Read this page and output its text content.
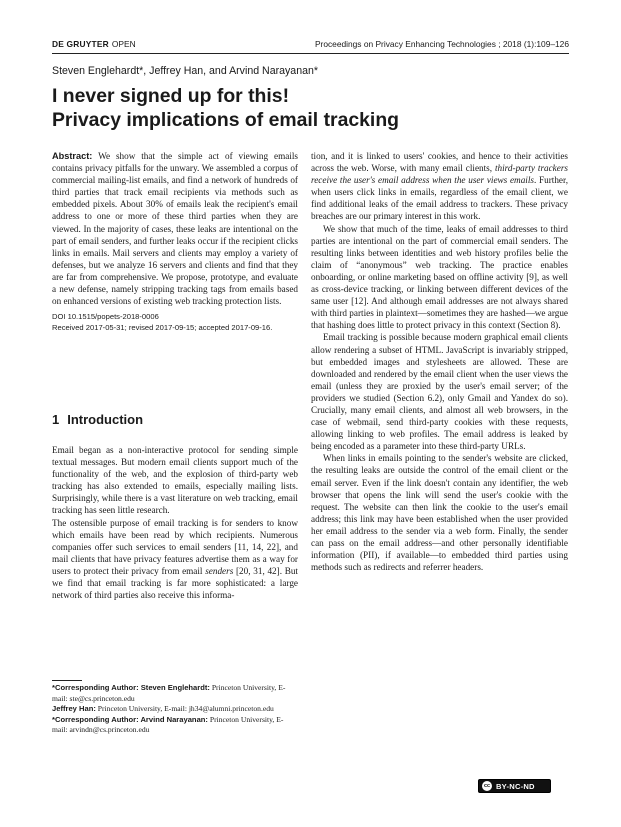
DE GRUYTER OPEN	Proceedings on Privacy Enhancing Technologies ; 2018 (1):109–126
Steven Englehardt*, Jeffrey Han, and Arvind Narayanan*
I never signed up for this!
Privacy implications of email tracking

Abstract: We show that the simple act of viewing emails contains privacy pitfalls for the unwary. We assembled a corpus of commercial mailing-list emails, and find a network of hundreds of third parties that track email recipients via methods such as embedded pixels. About 30% of emails leak the recipient's email address to one or more of these third parties when they are viewed. In the majority of cases, these leaks are intentional on the part of email senders, and further leaks occur if the recipient clicks links in emails. Mail servers and clients may employ a variety of defenses, but we analyze 16 servers and clients and find that they are far from comprehensive. We propose, prototype, and evaluate a new defense, namely stripping tracking tags from emails based on enhanced versions of existing web tracking protection lists.

DOI 10.1515/popets-2018-0006
Received 2017-05-31; revised 2017-09-15; accepted 2017-09-16.
1 Introduction

Email began as a non-interactive protocol for sending simple textual messages. But modern email clients support much of the functionality of the web, and the explosion of third-party web tracking has also extended to emails, especially mailing lists. Surprisingly, while there is a vast literature on web tracking, email tracking has seen little research.

The ostensible purpose of email tracking is for senders to know which emails have been read by which recipients. Numerous companies offer such services to email senders [11, 14, 22], and mail clients that have privacy features advertise them as a way for users to protect their privacy from email senders [20, 31, 42]. But we find that email tracking is far more sophisticated: a large network of third parties also receive this informa-

*Corresponding Author: Steven Englehardt: Princeton University, E-mail: ste@cs.princeton.edu
Jeffrey Han: Princeton University, E-mail: jh34@alumni.princeton.edu
*Corresponding Author: Arvind Narayanan: Princeton University, E-mail: arvindn@cs.princeton.edu

tion, and it is linked to users' cookies, and hence to their activities across the web. Worse, with many email clients, third-party trackers receive the user's email address when the user views emails. Further, when users click links in emails, regardless of the email client, we find additional leaks of the email address to trackers. These privacy breaches are our primary interest in this work.

We show that much of the time, leaks of email addresses to third parties are intentional on the part of commercial email senders. The resulting links between identities and web history profiles belie the claim of “anonymous” web tracking. The practice enables onboarding, or online marketing based on offline activity [9], as well as cross-device tracking, or linking between different devices of the same user [12]. And although email addresses are not always shared with third parties in plaintext—sometimes they are hashed—we argue that hashing does little to protect privacy in this context (Section 8).

Email tracking is possible because modern graphical email clients allow rendering a subset of HTML. JavaScript is invariably stripped, but embedded images and stylesheets are allowed. These are downloaded and rendered by the email client when the user views the email (unless they are proxied by the user's email server; of the providers we studied (Section 6.2), only Gmail and Yandex do so). Crucially, many email clients, and almost all web browsers, in the case of webmail, send third-party cookies with these requests, allowing linking to web profiles. The email address is leaked by being encoded as a parameter into these third-party URLs.

When links in emails pointing to the sender's website are clicked, the resulting leaks are outside the control of the email client or the email server. Even if the link doesn't contain any identifier, the web browser that opens the link will send the user's cookie with the request. The website can then link the cookie to the user's email address; this link may have been established when the user provided her email address to the sender via a web form. Finally, the sender can pass on the email address—and other personally identifiable information (PII), if available—to embedded third parties using methods such as redirects and referrer headers.

cc BY-NC-ND
